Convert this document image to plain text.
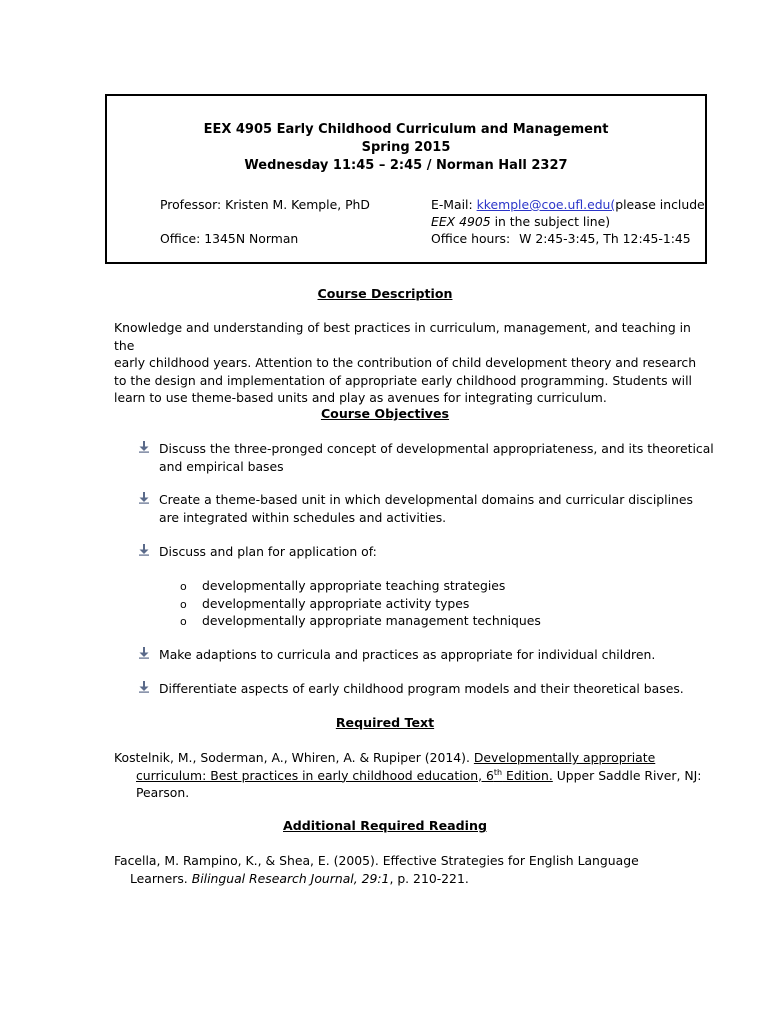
EEX 4905 Early Childhood Curriculum and Management
Spring 2015
Wednesday 11:45 – 2:45 / Norman Hall 2327
Professor: Kristen M. Kemple, PhD	E-Mail: kkemple@coe.ufl.edu(please include
EEX 4905 in the subject line)
Office: 1345N Norman	Office hours: W 2:45-3:45, Th 12:45-1:45
Course Description
Knowledge and understanding of best practices in curriculum, management, and teaching in the
early childhood years. Attention to the contribution of child development theory and research
to the design and implementation of appropriate early childhood programming. Students will
learn to use theme-based units and play as avenues for integrating curriculum.
Course Objectives
Discuss the three-pronged concept of developmental appropriateness, and its theoretical
and empirical bases
Create a theme-based unit in which developmental domains and curricular disciplines
are integrated within schedules and activities.
Discuss and plan for application of:
o developmentally appropriate teaching strategies
o developmentally appropriate activity types
o developmentally appropriate management techniques
Make adaptions to curricula and practices as appropriate for individual children.
Differentiate aspects of early childhood program models and their theoretical bases.
Required Text
Kostelnik, M., Soderman, A., Whiren, A. & Rupiper (2014). Developmentally appropriate
curriculum: Best practices in early childhood education, 6th Edition. Upper Saddle River, NJ:
Pearson.
Additional Required Reading
Facella, M. Rampino, K., & Shea, E. (2005). Effective Strategies for English Language
Learners. Bilingual Research Journal, 29:1, p. 210-221.
